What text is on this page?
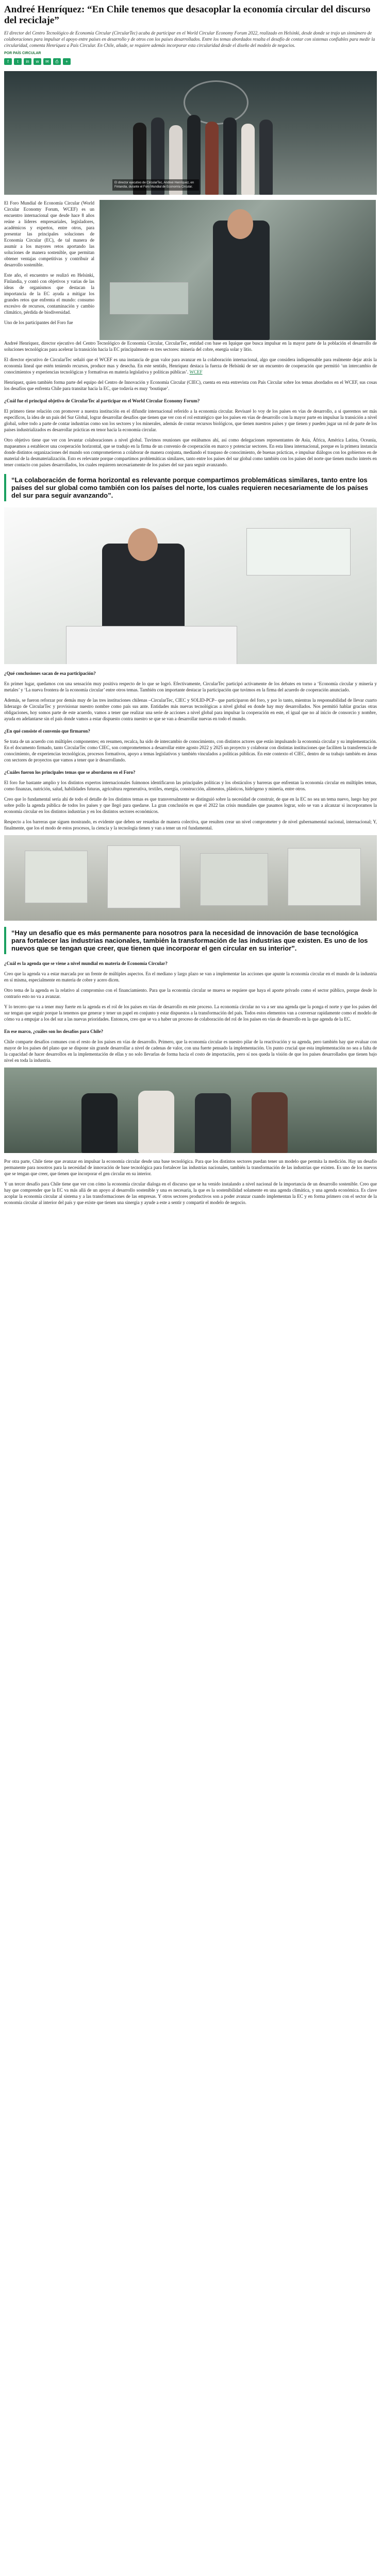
Andreé Henríquez: “En Chile tenemos que desacoplar la economía circular del discurso del reciclaje”
El director del Centro Tecnológico de Economía Circular (CircularTec) acaba de participar en el World Circular Economy Forum 2022, realizado en Helsinki, desde donde se trajo un sinnúmero de colaboraciones para impulsar el apoyo entre países en desarrollo y de otros con los países desarrollados. Entre los temas abordados resalta el desafío de contar con sistemas confiables para medir la circularidad, comenta Henríquez a País Circular. En Chile, añade, se requiere además incorporar esta circularidad desde el diseño del modelo de negocios.
POR PAÍS CIRCULAR
f	t	in	w	✉	⎙	+
El director ejecutivo de CircularTec, Andreé Henríquez, en Finlandia, durante el Foro Mundial de Economía Circular.

El Foro Mundial de Economía Circular (World Circular Economy Forum, WCEF) es un encuentro internacional que desde hace 8 años reúne a líderes empresariales, legisladores, académicos y expertos, entre otros, para presentar las principales soluciones de Economía Circular (EC), de tal manera de asumir a los mayores retos aportando las soluciones de manera sostenible, que permitan obtener ventajas competitivas y contribuir al desarrollo sostenible.

Este año, el encuentro se realizó en Helsinki, Finlandia, y contó con objetivos y varias de las ideas de organismos que destacan la importancia de la EC ayuda a mitigar los grandes retos que enfrenta el mundo: consumo excesivo de recursos, contaminación y cambio climático, pérdida de biodiversidad.

Uno de los participantes del Foro fue

Andreé Henríquez, director ejecutivo del Centro Tecnológico de Economía Circular, CircularTec, entidad con base en Iquique que busca impulsar en la mayor parte de la población el desarrollo de soluciones tecnológicas para acelerar la transición hacia la EC principalmente en tres sectores: minería del cobre, energía solar y litio.

El director ejecutivo de CircularTec señaló que el WCEF es una instancia de gran valor para avanzar en la colaboración internacional, algo que considera indispensable para realmente dejar atrás la economía lineal que estén teniendo recursos, produce mas y desecha. En este sentido, Henríquez destaca la fuerza de Helsinki de ser un encuentro de cooperación que permitió ‘un intercambio de conocimientos y experiencias tecnológicas y formativas en materia legislativa y políticas públicas’. WCEF

Henríquez, quien también forma parte del equipo del Centro de Innovación y Economía Circular (CIEC), cuenta en esta entrevista con País Circular sobre los temas abordados en el WCEF, sus cosas los desafíos que enfrenta Chile para transitar hacia la EC, que todavía es muy ‘boutique’.

¿Cuál fue el principal objetivo de CircularTec al participar en el World Circular Economy Forum?

El primero tiene relación con promover a nuestra institución en el difundir internacional referido a la economía circular. Revisaré lo voy de los países en vías de desarrollo, a si queremos ser más específicos, la idea de un país del Sur Global, lograr desarrollar desafíos que tienen que ver con el rol estratégico que los países en vías de desarrollo con la mayor parte en impulsar la transición a nivel global, sobre todo a parte de contar industrias como son los sectores y los minerales, además de contar recursos biológicos, que tienen nuestros países y que tienen y pueden jugar un rol de parte de los países industrializados es desarrollar prácticas en tenor hacia la economía circular.

Otro objetivo tiene que ver con levantar colaboraciones a nivel global. Tuvimos reuniones que estábamos ahí, así como delegaciones representantes de Asia, África, América Latina, Oceanía, mapaeamos a establecer una cooperación horizontal, que se tradujo en la firma de un convenio de cooperación en marco y potenciar sectores. En esta línea internacional, porque es la primera instancia donde distintos organizaciones del mundo son comprometieron a colaborar de manera conjunta, mediando el traspaso de conocimiento, de buenas prácticas, e impulsar diálogos con los gobiernos en de material de la desmaterialización. Esto es relevante porque compartimos problemáticas similares, tanto entre los países del sur global como también con los países del norte que tienen mucho interés en tener contacto con países desarrollados, los cuales requieren necesariamente de los países del sur para seguir avanzando.

“La colaboración de forma horizontal es relevante porque compartimos problemáticas similares, tanto entre los países del sur global como también con los países del norte, los cuales requieren necesariamente de los países del sur para seguir avanzando”.

¿Qué conclusiones sacan de esa participación?

En primer lugar, quedamos con una sensación muy positiva respecto de lo que se logró. Efectivamente, CircularTec participó activamente de los debates en torno a ‘Economía circular y minería y metales’ y ‘La nueva frontera de la economía circular’ entre otros temas. También con importante destacar la participación que tuvimos en la firma del acuerdo de cooperación anunciado.

Además, se fueron reforzar por demás muy de las tres instituciones chilenas –CircularTec, CIEC y SOLID-PCP– que participaron del foro, y por lo tanto, mientras la responsabilidad de llevar cuarto liderazgo de CircularTec y provisionar nuestro nombre como país sus ante. Entidades más nuevas tecnológicas a nivel global en donde hay muy desarrollados. Nos permitió hablar gracias otras obligaciones, hoy somos parte de este acuerdo, vamos a tener que realizar una serie de acciones a nivel global para impulsar la cooperación en este, el igual que no al inicio de consorcio y nombre, ayuda en adelantarse sin el país donde vamos a estar dispuesto contra nuestro se que se van a desarrollar nuevas en todo el mundo.

¿En qué consiste el convenio que firmaron?

Se trata de un acuerdo con múltiples componentes; en resumen, recalca, ha sido de intercambio de conocimiento, con distintos actores que están impulsando la economía circular y su implementación. En el documento firmado, tanto CircularTec como CIEC, son comprometemos a desarrollar entre agosto 2022 y 2025 un proyecto y colaborar con distintas instituciones que faciliten la transferencia de conocimiento, de experiencias tecnológicas, procesos formativos, apoyo a temas legislativos y también vinculados a políticas públicas. En este contexto el CIEC, dentro de su trabajo también en áreas con sectores de proyectos que vamos a tener que ir desarrollando.

¿Cuáles fueron los principales temas que se abordaron en el Foro?

El foro fue bastante amplio y los distintos expertos internacionales fuimonos identificaron las principales políticas y los obstáculos y barreras que enfrentan la economía circular en múltiples temas, como finanzas, nutrición, salud, habilidades futuras, agricultura regenerativa, textiles, energía, construcción, alimentos, plásticos, hidrógeno y minería, entre otros.

Creo que lo fundamental sería ahí de todo el detalle de los distintos temas es que transversalmente se distinguió sobre la necesidad de construir, de que en la EC no sea un tema nuevo, luego hay por sobre pollo la agenda pública de todos los países y que llegó para quedarse. La gran conclusión es que el 2022 las crisis mundiales que pasamos lograr, solo se van a alcanzar si incorporamos la economía circular en los distintos industrias y en los distintos sectores económicos.

Respecto a los barreras que siguen mostrando, es evidente que deben ser resueltas de manera colectiva, que resulten crear un nivel comprometer y de nivel gubernamental nacional, internacional; Y, finalmente, que los el modo de estos procesos, la ciencia y la tecnología tienen y van a tener un rol fundamental.

“Hay un desafío que es más permanente para nosotros para la necesidad de innovación de base tecnológica para fortalecer las industrias nacionales, también la transformación de las industrias que existen. Es uno de los nuevos que se tengan que creer, que tienen que incorporar el gen circular en su interior”.

¿Cuál es la agenda que se viene a nivel mundial en materia de Economía Circular?

Creo que la agenda va a estar marcada por un frente de múltiples aspectos. En el mediano y largo plazo se van a implementar las acciones que apunte la economía circular en el mundo de la industria en sí misma, especialmente en materia de cobre y acero dicen.

Otro tema de la agenda es la relativo al compromiso con el financiamiento. Para que la economía circular se mueva se requiere que haya el aporte privado como el sector público, porque desde lo contrario esto no va a avanzar.

Y lo tercero que va a tener muy fuerte en la agenda es el rol de los países en vías de desarrollo en este proceso. La economía circular no va a ser una agenda que la ponga el norte y que los países del sur tengan que seguir porque la tenemos que generar y tener un papel en conjunto y estar dispuestos a la transformación del país. Todos estos elementos van a conversar rapidamente como el modelo de cómo va a empujar a los del sur a las nuevas prioridades. Entonces, creo que se va a haber un proceso de colaboración del rol de los países en vías de desarrollo en la que agenda de la EC.

En ese marco, ¿cuáles son los desafíos para Chile?

Chile comparte desafíos comunes con el resto de los países en vías de desarrollo. Primero, que la economía circular es nuestro pilar de la reactivación y su agenda, pero también hay que evaluar con mayor de los países del plano que se dispone sin grande desarrollar a nivel de cadenas de valor, con una fuerte pensado la implementación. Un punto crucial que esta implementación no sea a falta de la capacidad de hacer desarrollos en la implementación de ellas y no solo llevarlas de forma hacia el costo de importación, pero sí nos queda la visión de que los países desarrollados que tienen bajo nivel en toda la industria.

Por otra parte, Chile tiene que avanzar en impulsar la economía circular desde una base tecnológica. Para que los distintos sectores puedan tener un modelo que permita la medición. Hay un desafío permanente para nosotros para la necesidad de innovación de base tecnológica para fortalecer las industrias nacionales, también la transformación de las industrias que existen. Es uno de los nuevos que se tengan que creer, que tienen que incorporar el gen circular en su interior.

Y un tercer desafío para Chile tiene que ver con cómo la economía circular dialoga en el discurso que se ha venido instalando a nivel nacional de la importancia de un desarrollo sostenible. Creo que hay que comprender que la EC va más allá de un apoyo al desarrollo sostenible y una es necesaria, la que es la sostenibilidad solamente en una agenda climática, y una agenda económica. Es clave acoplar la economía circular al sistema y a las transformaciones de las empresas. Y otros sectores productivos son a poder avanzar cuando implementan la EC y en forma primero con el sector de la economía circular al interior del país y que existe que tienen una sinergia y ayude a este a sentir y compartir el modelo de negocio.
